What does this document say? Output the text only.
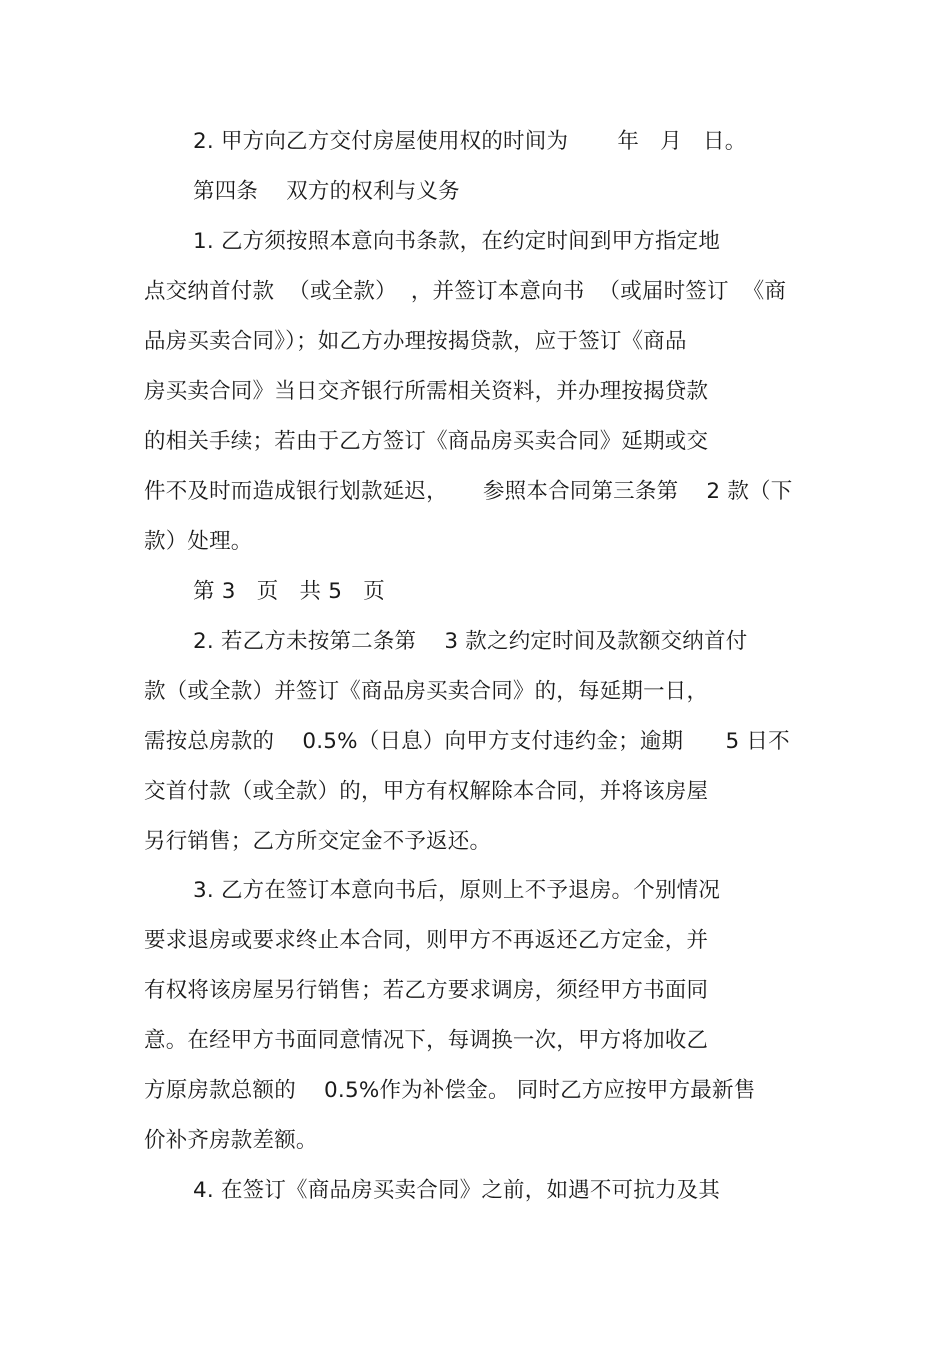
2. 甲方向乙方交付房屋使用权的时间为       年   月   日。
第四条    双方的权利与义务
1. 乙方须按照本意向书条款，在约定时间到甲方指定地
点交纳首付款  （或全款）  ，并签订本意向书  （或届时签订  《商
品房买卖合同》）；如乙方办理按揭贷款，应于签订《商品
房买卖合同》当日交齐银行所需相关资料，并办理按揭贷款
的相关手续；若由于乙方签订《商品房买卖合同》延期或交
件不及时而造成银行划款延迟，     参照本合同第三条第    2 款（下
款）处理。
第 3   页   共 5   页
2. 若乙方未按第二条第    3 款之约定时间及款额交纳首付
款（或全款）并签订《商品房买卖合同》的，每延期一日，
需按总房款的    0.5%（日息）向甲方支付违约金；逾期      5 日不
交首付款（或全款）的，甲方有权解除本合同，并将该房屋
另行销售；乙方所交定金不予返还。
3. 乙方在签订本意向书后，原则上不予退房。个别情况
要求退房或要求终止本合同，则甲方不再返还乙方定金，并
有权将该房屋另行销售；若乙方要求调房，须经甲方书面同
意。在经甲方书面同意情况下，每调换一次，甲方将加收乙
方原房款总额的    0.5%作为补偿金。 同时乙方应按甲方最新售
价补齐房款差额。
4. 在签订《商品房买卖合同》之前，如遇不可抗力及其
